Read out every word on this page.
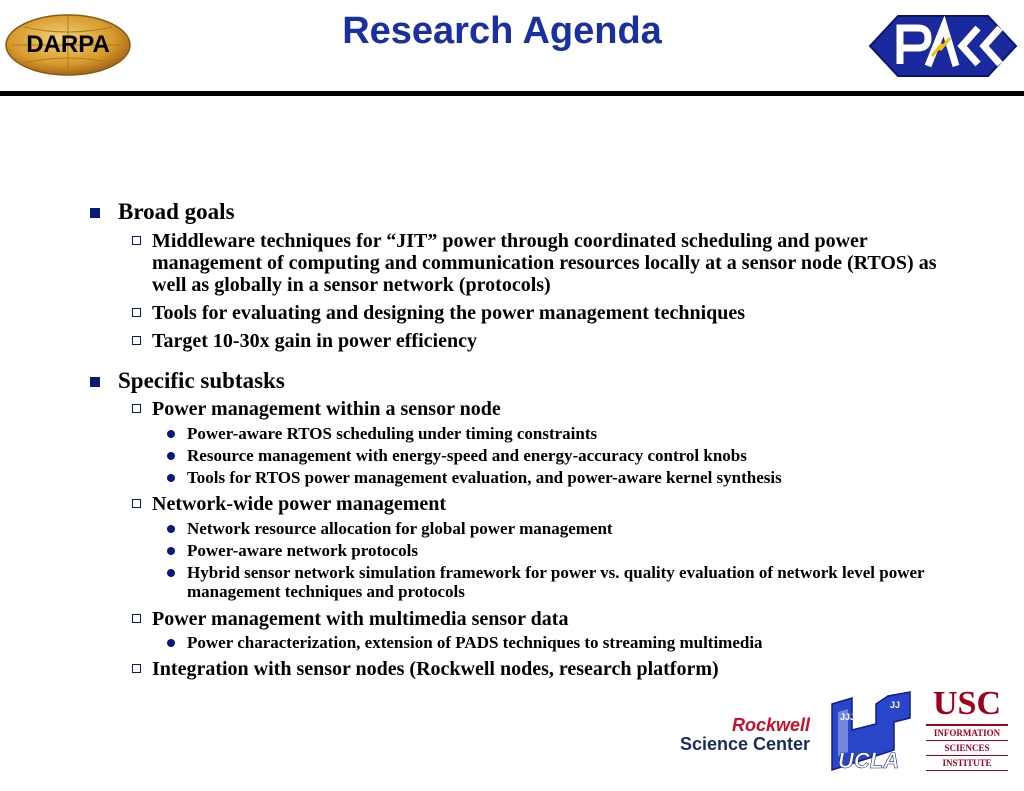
DARPA	Research Agenda
Broad goals
Middleware techniques for “JIT” power through coordinated scheduling and power management of computing and communication resources locally at a sensor node (RTOS) as well as globally in a sensor network (protocols)
Tools for evaluating and designing the power management techniques
Target 10-30x gain in power efficiency
Specific subtasks
Power management within a sensor node
Power-aware RTOS scheduling under timing constraints
Resource management with energy-speed and energy-accuracy control knobs
Tools for RTOS power management evaluation, and power-aware kernel synthesis
Network-wide power management
Network resource allocation for global power management
Power-aware network protocols
Hybrid sensor network simulation framework for power vs. quality evaluation of network level power management techniques and protocols
Power management with multimedia sensor data
Power characterization, extension of PADS techniques to streaming multimedia
Integration with sensor nodes (Rockwell nodes, research platform)
Rockwell
Science Center
JJJ
JJ
UCLA
USC
INFORMATION
SCIENCES
INSTITUTE
